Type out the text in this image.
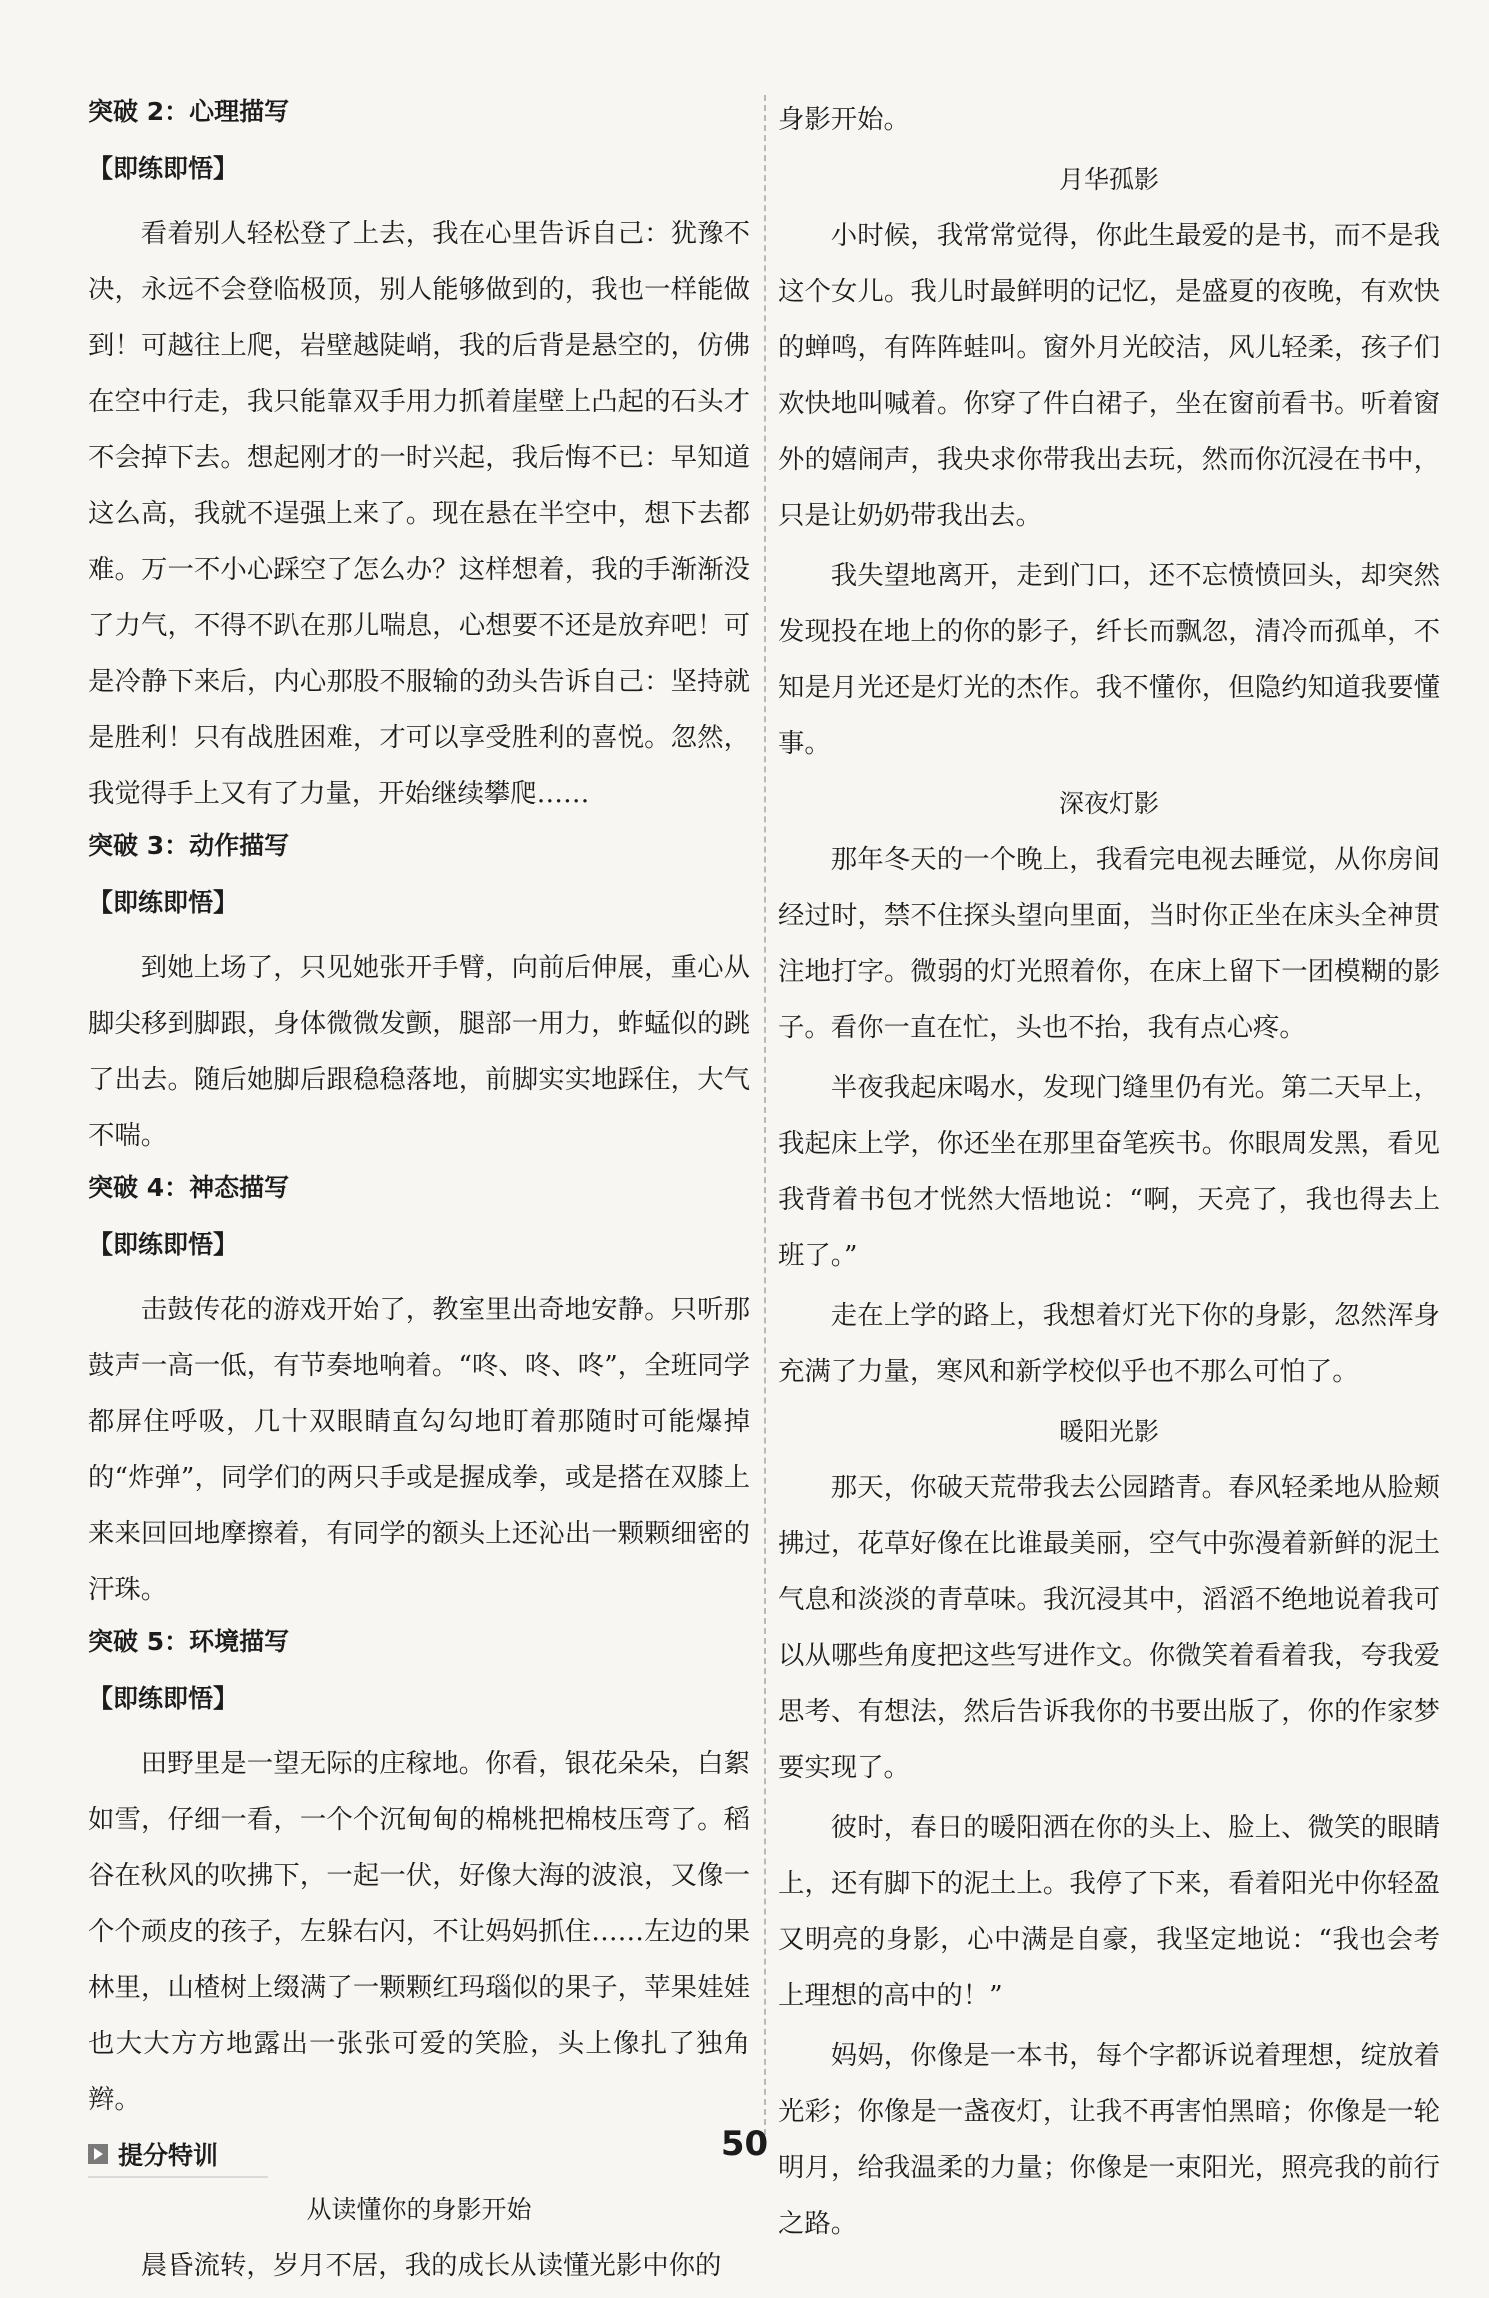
突破 2：心理描写
【即练即悟】

看着别人轻松登了上去，我在心里告诉自己：犹豫不决，永远不会登临极顶，别人能够做到的，我也一样能做到！可越往上爬，岩壁越陡峭，我的后背是悬空的，仿佛在空中行走，我只能靠双手用力抓着崖壁上凸起的石头才不会掉下去。想起刚才的一时兴起，我后悔不已：早知道这么高，我就不逞强上来了。现在悬在半空中，想下去都难。万一不小心踩空了怎么办？这样想着，我的手渐渐没了力气，不得不趴在那儿喘息，心想要不还是放弃吧！可是冷静下来后，内心那股不服输的劲头告诉自己：坚持就是胜利！只有战胜困难，才可以享受胜利的喜悦。忽然，我觉得手上又有了力量，开始继续攀爬……

突破 3：动作描写
【即练即悟】

到她上场了，只见她张开手臂，向前后伸展，重心从脚尖移到脚跟，身体微微发颤，腿部一用力，蚱蜢似的跳了出去。随后她脚后跟稳稳落地，前脚实实地踩住，大气不喘。

突破 4：神态描写
【即练即悟】

击鼓传花的游戏开始了，教室里出奇地安静。只听那鼓声一高一低，有节奏地响着。“咚、咚、咚”，全班同学都屏住呼吸，几十双眼睛直勾勾地盯着那随时可能爆掉的“炸弹”，同学们的两只手或是握成拳，或是搭在双膝上来来回回地摩擦着，有同学的额头上还沁出一颗颗细密的汗珠。

突破 5：环境描写
【即练即悟】

田野里是一望无际的庄稼地。你看，银花朵朵，白絮如雪，仔细一看，一个个沉甸甸的棉桃把棉枝压弯了。稻谷在秋风的吹拂下，一起一伏，好像大海的波浪，又像一个个顽皮的孩子，左躲右闪，不让妈妈抓住……左边的果林里，山楂树上缀满了一颗颗红玛瑙似的果子，苹果娃娃也大大方方地露出一张张可爱的笑脸，头上像扎了独角辫。

提分特训
从读懂你的身影开始

晨昏流转，岁月不居，我的成长从读懂光影中你的

身影开始。

月华孤影

小时候，我常常觉得，你此生最爱的是书，而不是我这个女儿。我儿时最鲜明的记忆，是盛夏的夜晚，有欢快的蝉鸣，有阵阵蛙叫。窗外月光皎洁，风儿轻柔，孩子们欢快地叫喊着。你穿了件白裙子，坐在窗前看书。听着窗外的嬉闹声，我央求你带我出去玩，然而你沉浸在书中，只是让奶奶带我出去。

我失望地离开，走到门口，还不忘愤愤回头，却突然发现投在地上的你的影子，纤长而飘忽，清冷而孤单，不知是月光还是灯光的杰作。我不懂你，但隐约知道我要懂事。

深夜灯影

那年冬天的一个晚上，我看完电视去睡觉，从你房间经过时，禁不住探头望向里面，当时你正坐在床头全神贯注地打字。微弱的灯光照着你，在床上留下一团模糊的影子。看你一直在忙，头也不抬，我有点心疼。

半夜我起床喝水，发现门缝里仍有光。第二天早上，我起床上学，你还坐在那里奋笔疾书。你眼周发黑，看见我背着书包才恍然大悟地说：“啊，天亮了，我也得去上班了。”

走在上学的路上，我想着灯光下你的身影，忽然浑身充满了力量，寒风和新学校似乎也不那么可怕了。

暖阳光影

那天，你破天荒带我去公园踏青。春风轻柔地从脸颊拂过，花草好像在比谁最美丽，空气中弥漫着新鲜的泥土气息和淡淡的青草味。我沉浸其中，滔滔不绝地说着我可以从哪些角度把这些写进作文。你微笑着看着我，夸我爱思考、有想法，然后告诉我你的书要出版了，你的作家梦要实现了。

彼时，春日的暖阳洒在你的头上、脸上、微笑的眼睛上，还有脚下的泥土上。我停了下来，看着阳光中你轻盈又明亮的身影，心中满是自豪，我坚定地说：“我也会考上理想的高中的！”

妈妈，你像是一本书，每个字都诉说着理想，绽放着光彩；你像是一盏夜灯，让我不再害怕黑暗；你像是一轮明月，给我温柔的力量；你像是一束阳光，照亮我的前行之路。

50
